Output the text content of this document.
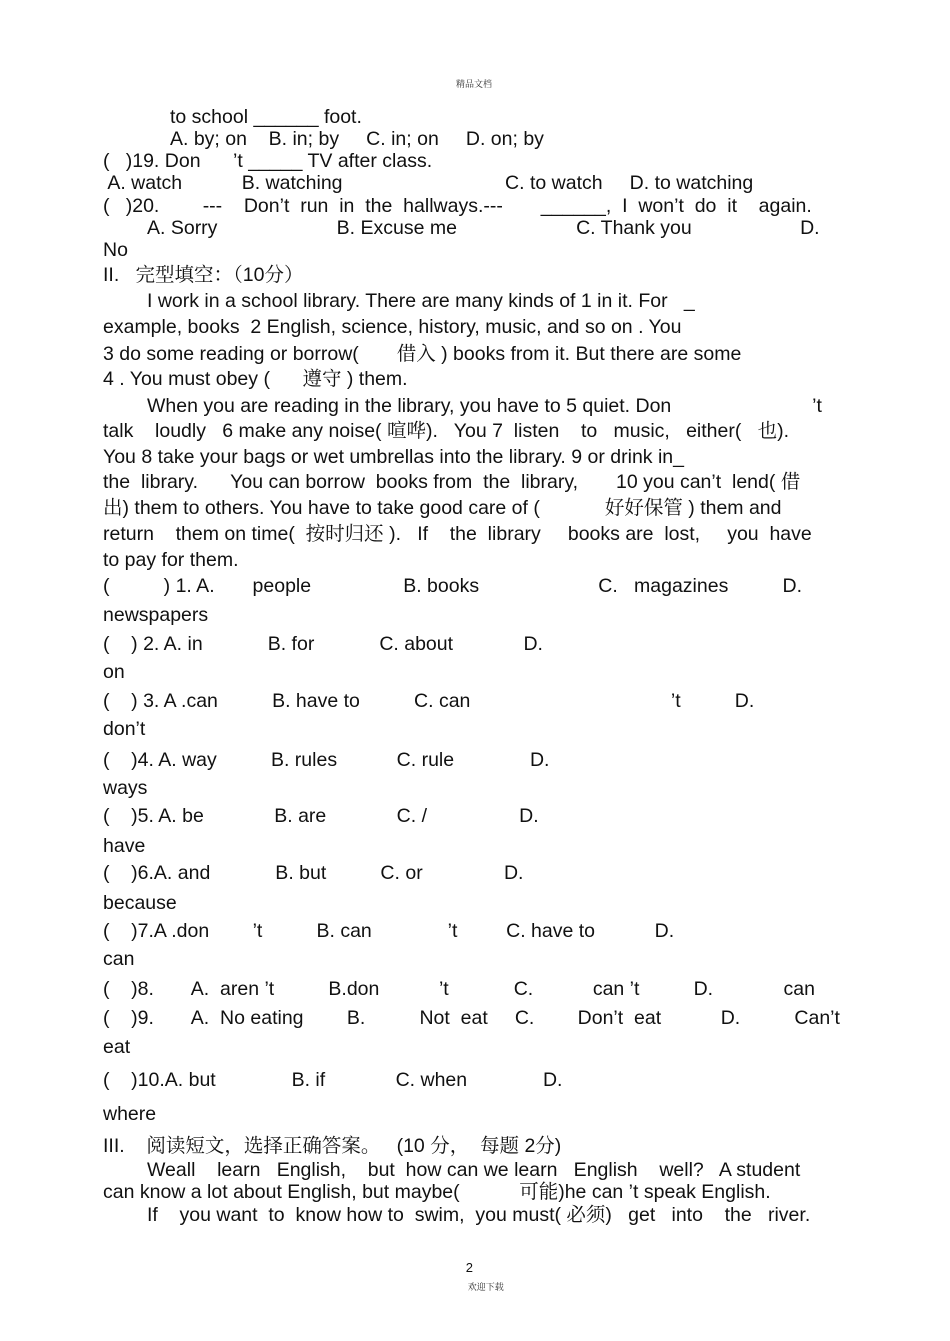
精品文档
to school ______ foot.
A. by; on    B. in; by     C. in; on     D. on; by
(   )19. Don      ’t _____ TV after class.
A. watch           B. watching                              C. to watch     D. to watching
(   )20.        ---    Don’t  run  in  the  hallways.---       ______,  I  won’t  do  it    again.
A. Sorry                      B. Excuse me                      C. Thank you                    D.
No
II.   完型填空：（10分）
I work in a school library. There are many kinds of 1 in it. For   _
example, books  2 English, science, history, music, and so on . You
3 do some reading or borrow(       借入 ) books from it. But there are some
4 . You must obey (      遵守 ) them.
When you are reading in the library, you have to 5 quiet. Don                          ’t
talk    loudly   6 make any noise( 喧哗).   You 7  listen    to   music,   either(   也).
You 8 take your bags or wet umbrellas into the library. 9 or drink in_
the  library.      You can borrow  books from  the  library,       10 you can’t  lend( 借
出) them to others. You have to take good care of (            好好保管 ) them and
return    them on time(  按时归还 ).   If    the  library     books are  lost,     you  have
to pay for them.
(          ) 1. A.       people                 B. books                      C.   magazines          D.
newspapers
(    ) 2. A. in            B. for            C. about             D.
on
(    ) 3. A .can          B. have to          C. can                                     ’t          D.
don’t
(    )4. A. way          B. rules           C. rule              D.
ways
(    )5. A. be             B. are             C. /                 D.
have
(    )6.A. and            B. but          C. or               D.
because
(    )7.A .don        ’t          B. can              ’t         C. have to           D.
can
(    )8.       A.  aren ’t          B.don           ’t            C.           can ’t          D.             can
(    )9.       A.  No eating        B.          Not  eat     C.        Don’t  eat           D.          Can’t
eat
(    )10.A. but              B. if             C. when              D.
where
III.    阅读短文，选择正确答案。   (10 分，  每题 2分)
Weall    learn   English,    but  how can we learn   English    well?   A student
can know a lot about English, but maybe(           可能)he can ’t speak English.
If    you want  to  know how to  swim,  you must( 必须)   get   into    the   river.

2
欢迎下载
